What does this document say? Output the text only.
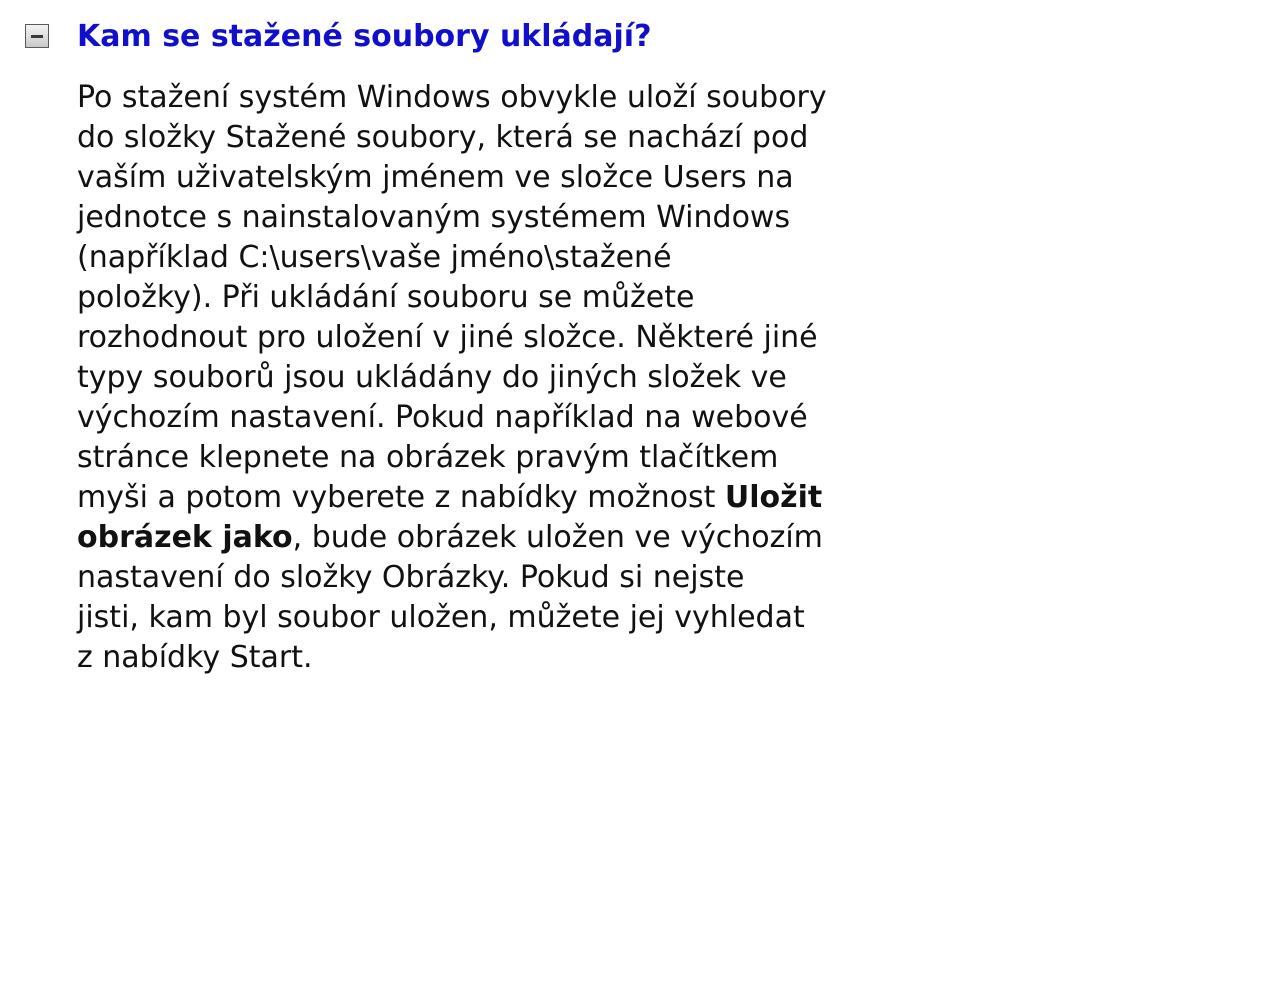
Kam se stažené soubory ukládají?
Po stažení systém Windows obvykle uloží soubory
do složky Stažené soubory, která se nachází pod
vaším uživatelským jménem ve složce Users na
jednotce s nainstalovaným systémem Windows
(například C:\users\vaše jméno\stažené
položky). Při ukládání souboru se můžete
rozhodnout pro uložení v jiné složce. Některé jiné
typy souborů jsou ukládány do jiných složek ve
výchozím nastavení. Pokud například na webové
stránce klepnete na obrázek pravým tlačítkem
myši a potom vyberete z nabídky možnost Uložit
obrázek jako, bude obrázek uložen ve výchozím
nastavení do složky Obrázky. Pokud si nejste
jisti, kam byl soubor uložen, můžete jej vyhledat
z nabídky Start.
